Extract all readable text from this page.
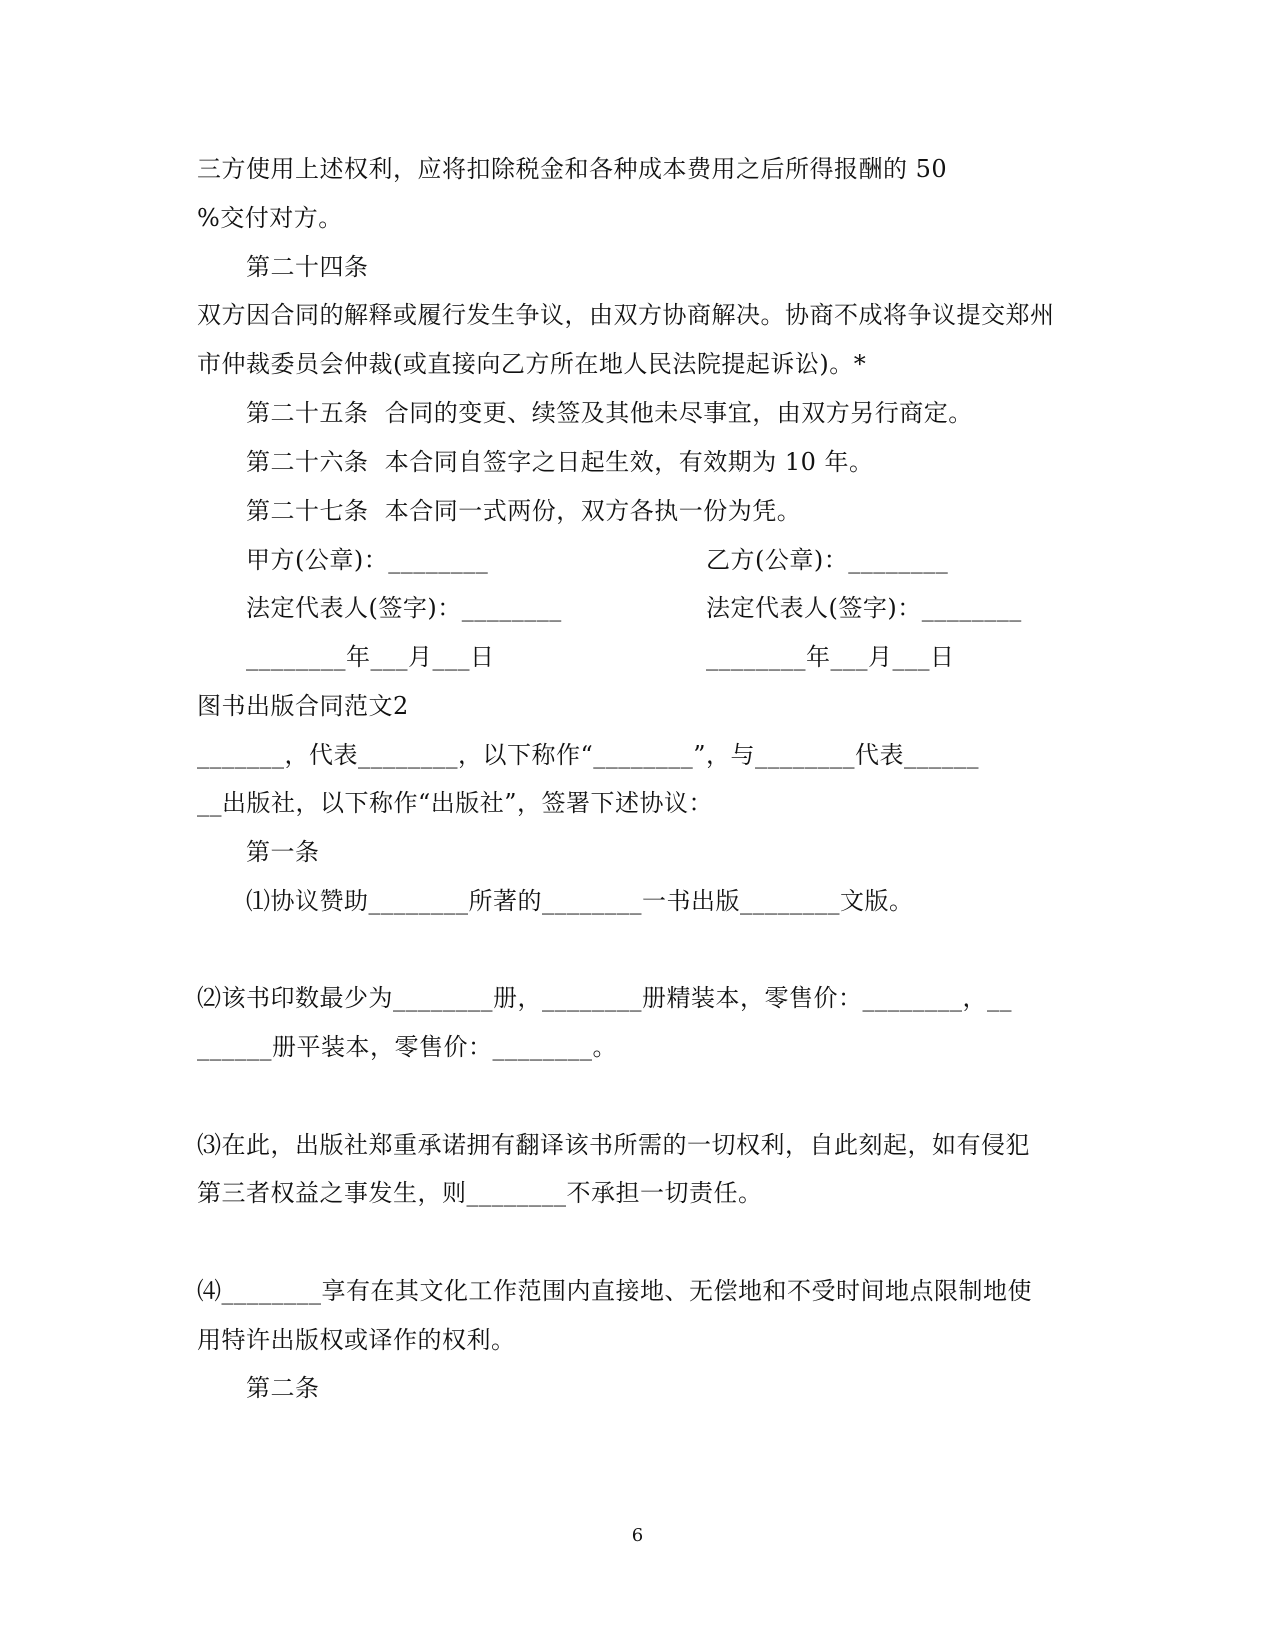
三方使用上述权利，应将扣除税金和各种成本费用之后所得报酬的 50
%交付对方。
第二十四条
双方因合同的解释或履行发生争议，由双方协商解决。协商不成将争议提交郑州
市仲裁委员会仲裁(或直接向乙方所在地人民法院提起诉讼)。*
第二十五条  合同的变更、续签及其他未尽事宜，由双方另行商定。
第二十六条  本合同自签字之日起生效，有效期为 10 年。
第二十七条  本合同一式两份，双方各执一份为凭。
甲方(公章)：________	乙方(公章)：________
法定代表人(签字)：________	法定代表人(签字)：________
________年___月___日	________年___月___日
图书出版合同范文2
_______，代表________，以下称作“________”，与________代表______
__出版社，以下称作“出版社”，签署下述协议：
第一条
⑴协议赞助________所著的________一书出版________文版。
⑵该书印数最少为________册，________册精装本，零售价：________，__
______册平装本，零售价：________。
⑶在此，出版社郑重承诺拥有翻译该书所需的一切权利，自此刻起，如有侵犯
第三者权益之事发生，则________不承担一切责任。
⑷________享有在其文化工作范围内直接地、无偿地和不受时间地点限制地使
用特许出版权或译作的权利。
第二条
6
